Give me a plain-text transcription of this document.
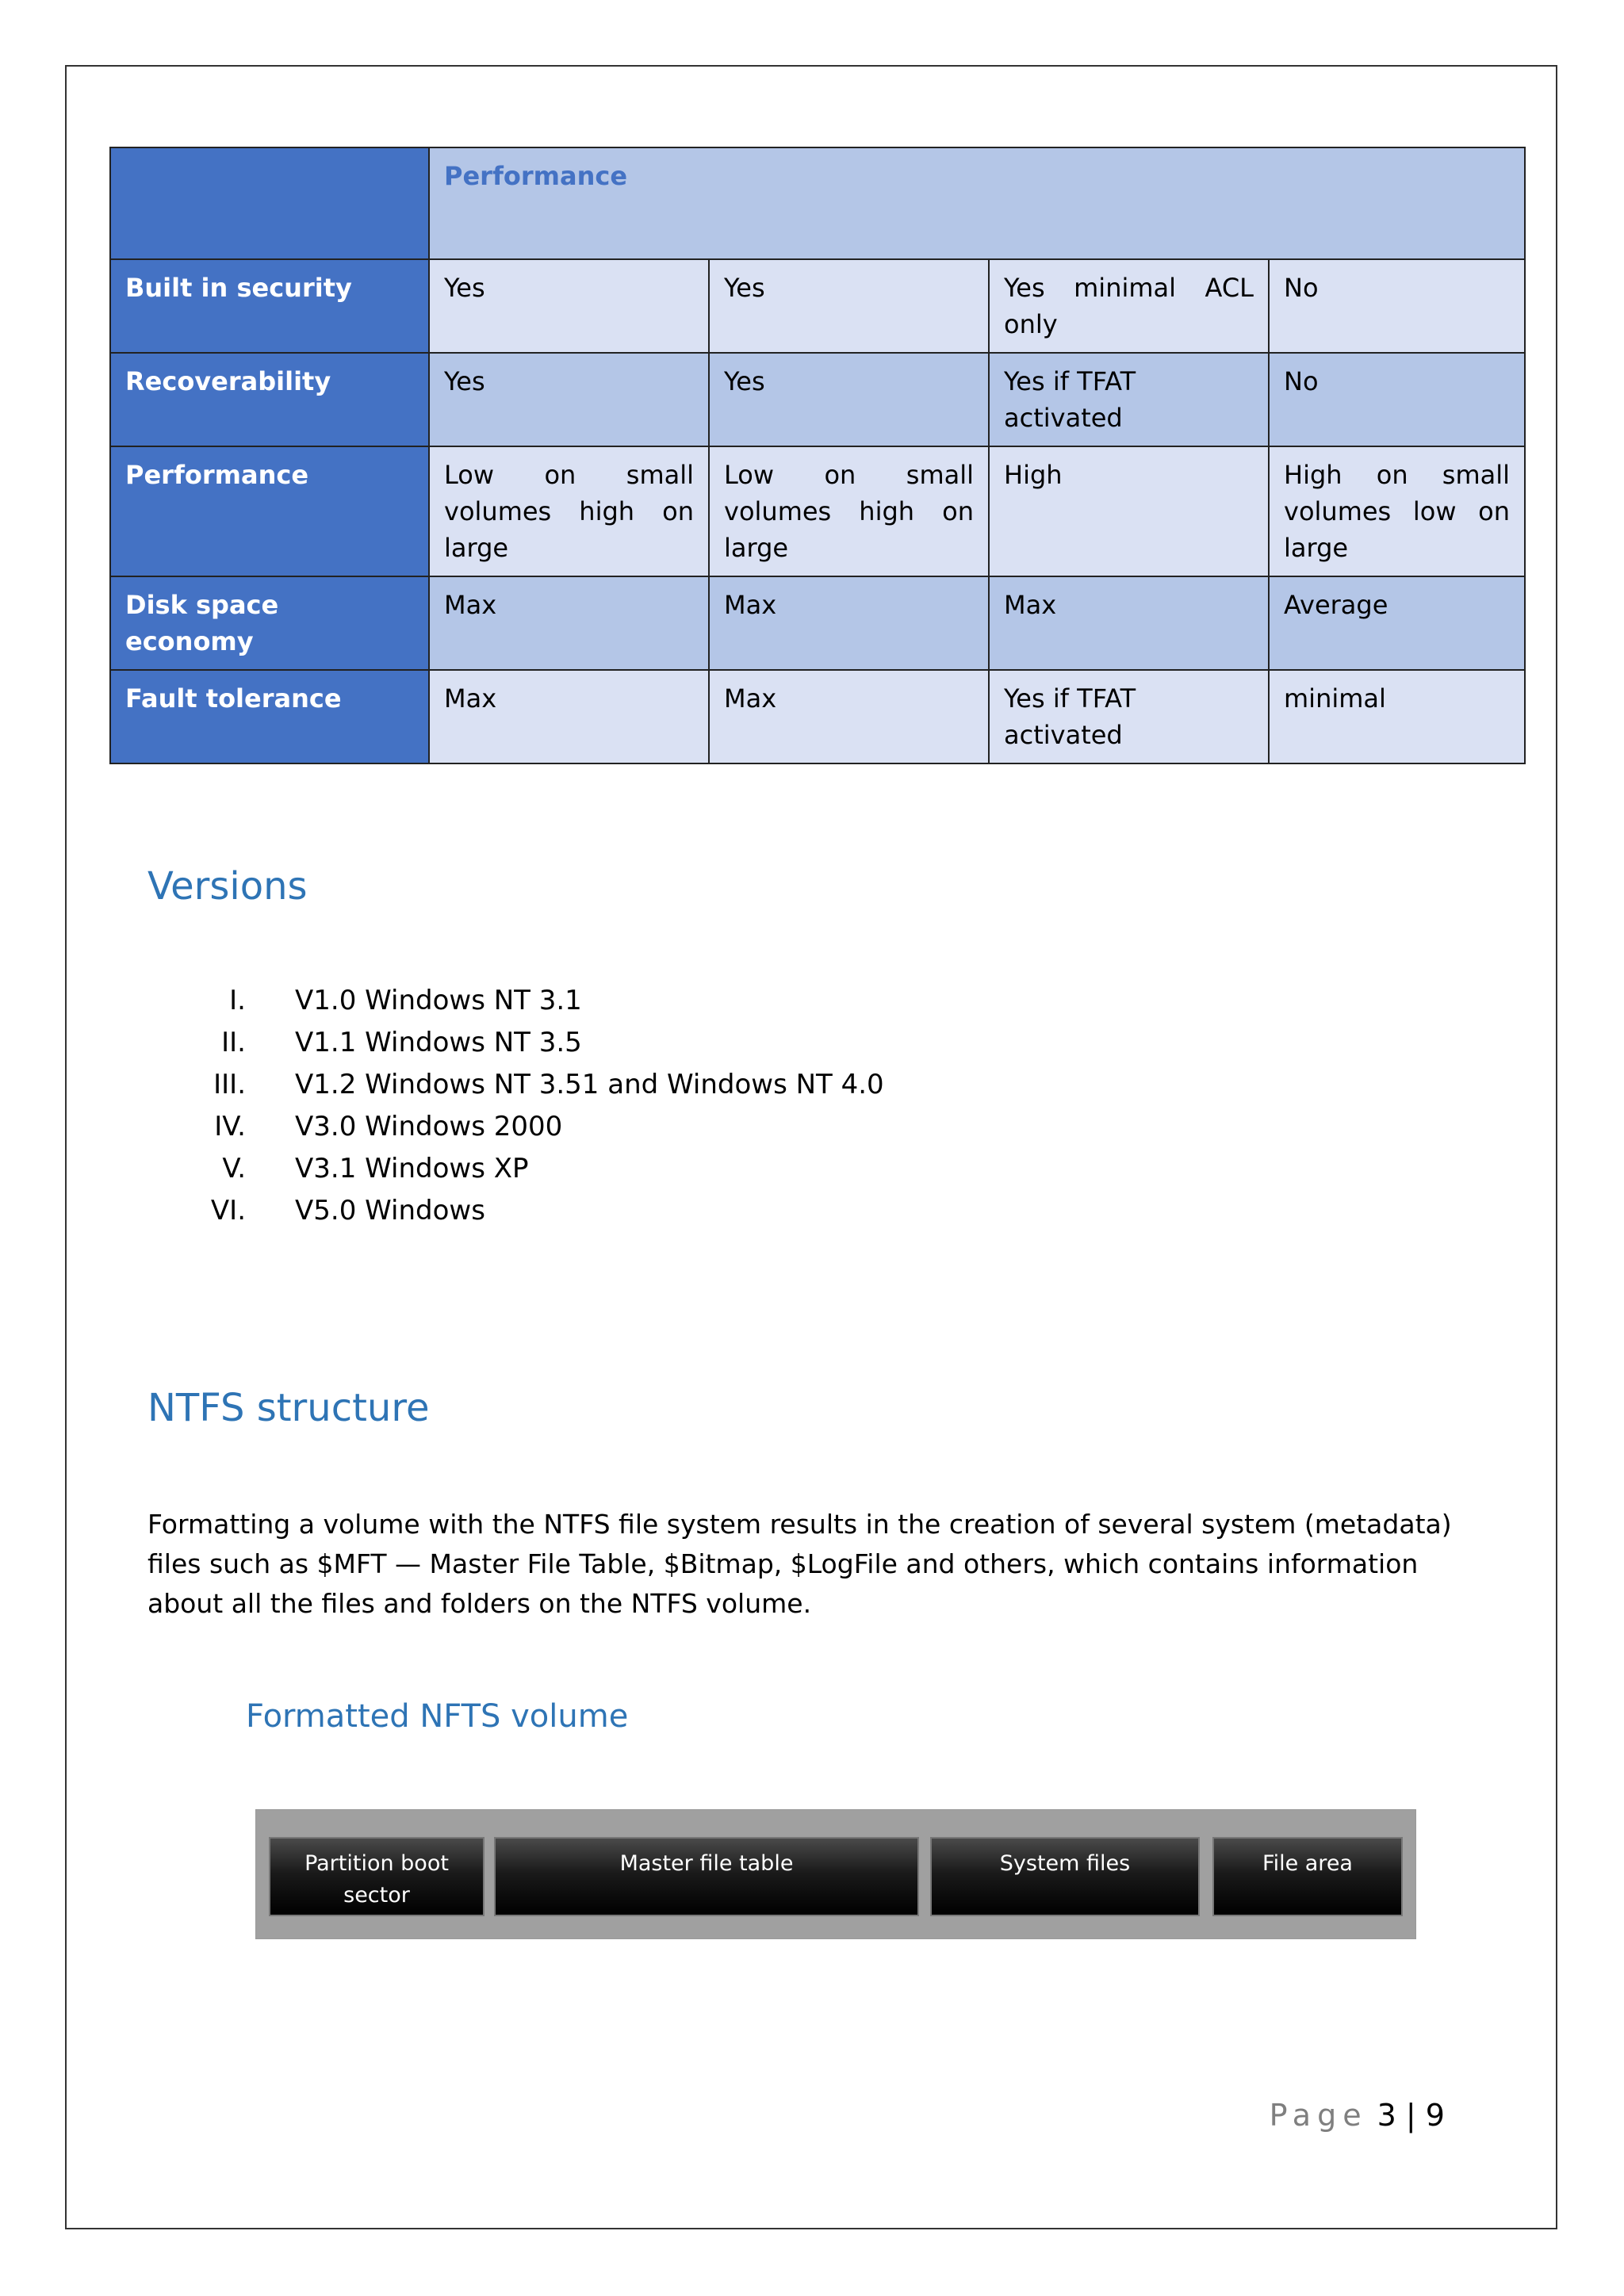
	Performance			
Built in security	Yes	Yes	Yes minimal ACL only	No
Recoverability	Yes	Yes	Yes if TFAT activated	No
Performance	Low on small volumes high on large	Low on small volumes high on large	High	High on small volumes low on large
Disk space economy	Max	Max	Max	Average
Fault tolerance	Max	Max	Yes if TFAT activated	minimal
Versions
I. V1.0 Windows NT 3.1
II. V1.1 Windows NT 3.5
III. V1.2 Windows NT 3.51 and Windows NT 4.0
IV. V3.0 Windows 2000
V. V3.1 Windows XP
VI. V5.0 Windows
NTFS structure

Formatting a volume with the NTFS file system results in the creation of several system (metadata) files such as $MFT — Master File Table, $Bitmap, $LogFile and others, which contains information about all the files and folders on the NTFS volume.

Formatted NFTS volume
Partition boot sector
Master file table	System files	File area
Page 3 | 9
